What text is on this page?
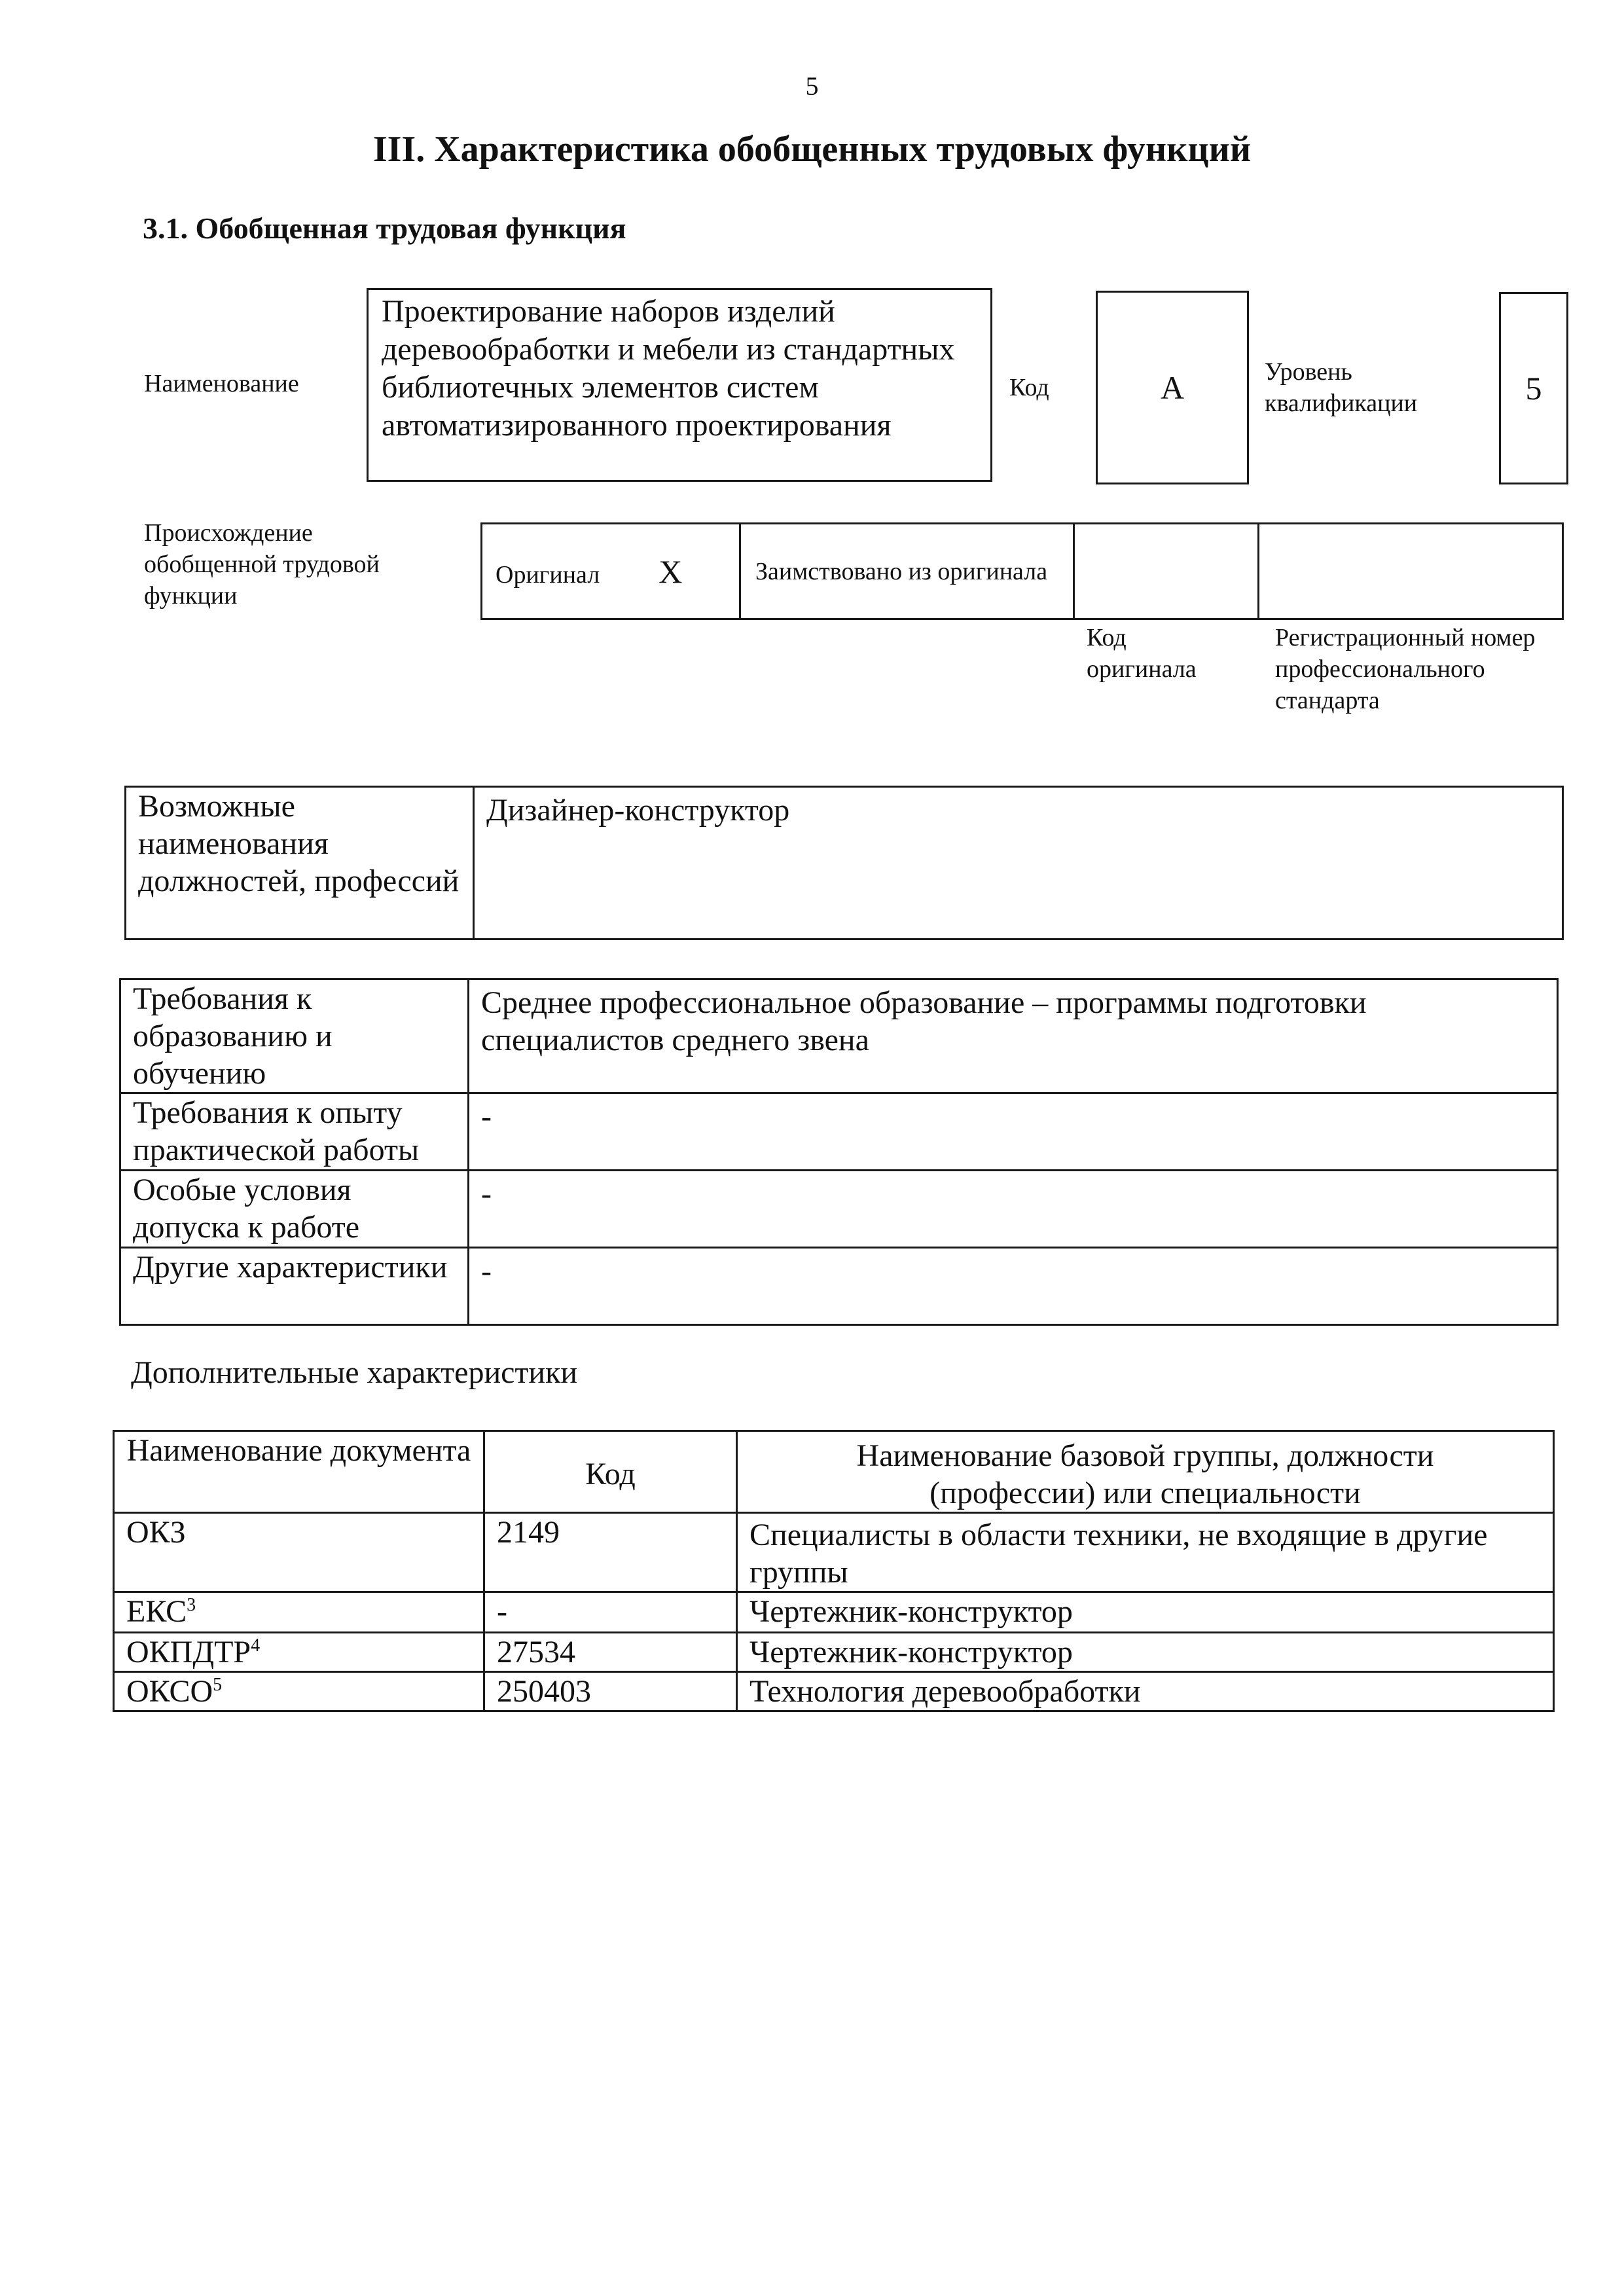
5
III. Характеристика обобщенных трудовых функций
3.1. Обобщенная трудовая функция
Наименование
Проектирование наборов изделий деревообработки и мебели из стандартных библиотечных элементов систем автоматизированного проектирования
Код	А	Уровень квалификации	5
Происхождение обобщенной трудовой функции
Оригинал Х	Заимствовано из оригинала		
Код оригинала
Регистрационный номер профессионального стандарта
Возможные наименования должностей, профессий	Дизайнер-конструктор
Требования к образованию и обучению	Среднее профессиональное образование – программы подготовки специалистов среднего звена
Требования к опыту практической работы	-
Особые условия допуска к работе	-
Другие характеристики	-
Дополнительные характеристики
Наименование документа	Код	Наименование базовой группы, должности (профессии) или специальности
ОКЗ	2149	Специалисты в области техники, не входящие в другие группы
ЕКС$^3$	-	Чертежник-конструктор
ОКПДТР$^4$	27534	Чертежник-конструктор
ОКСО$^5$	250403	Технология деревообработки
